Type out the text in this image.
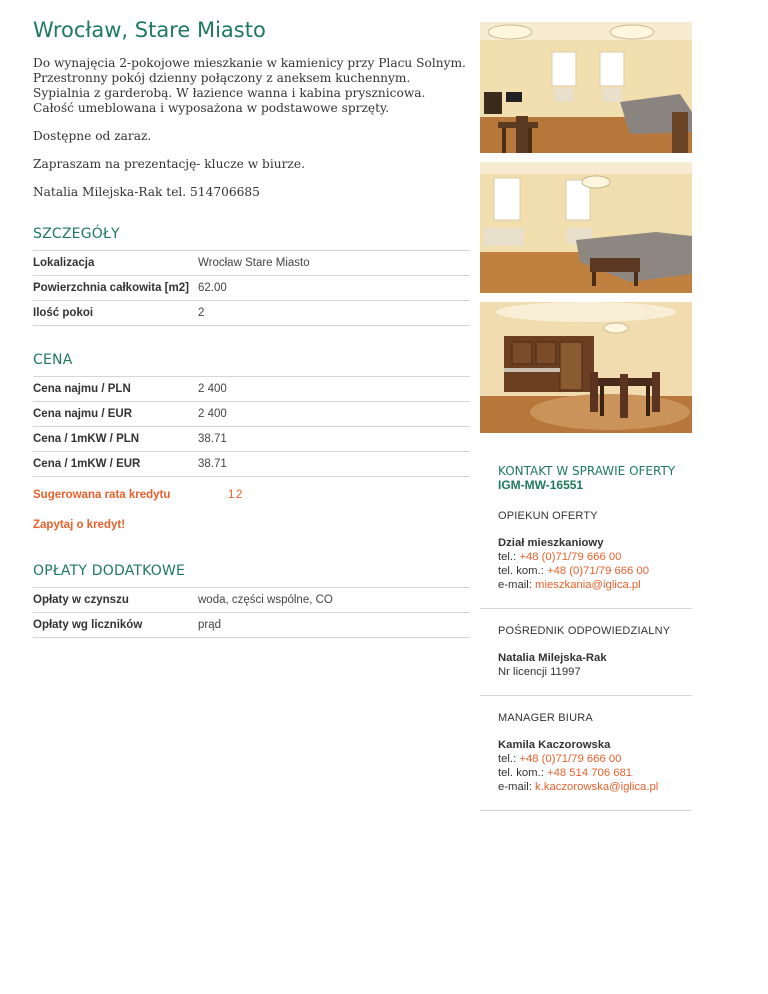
Wrocław, Stare Miasto

Do wynajęcia 2-pokojowe mieszkanie w kamienicy przy Placu Solnym.

Przestronny pokój dzienny połączony z aneksem kuchennym.

Sypialnia z garderobą. W łazience wanna i kabina prysznicowa.

Całość umeblowana i wyposażona w podstawowe sprzęty.

Dostępne od zaraz.

Zapraszam na prezentację- klucze w biurze.

Natalia Milejska-Rak tel. 514706685

SZCZEGÓŁY
Lokalizacja	Wrocław Stare Miasto
Powierzchnia całkowita [m2]	62.00
Ilość pokoi	2
CENA
Cena najmu / PLN	2 400
Cena najmu / EUR	2 400
Cena / 1mKW / PLN	38.71
Cena / 1mKW / EUR	38.71
Sugerowana rata kredytu	12
Zapytaj o kredyt!
OPŁATY DODATKOWE
Opłaty w czynszu	woda, części wspólne, CO
Opłaty wg liczników	prąd
KONTAKT W SPRAWIE OFERTY
IGM-MW-16551
OPIEKUN OFERTY
Dział mieszkaniowy
tel.: +48 (0)71/79 666 00
tel. kom.: +48 (0)71/79 666 00
e-mail: mieszkania@iglica.pl
POŚREDNIK ODPOWIEDZIALNY
Natalia Milejska-Rak
Nr licencji 11997
MANAGER BIURA
Kamila Kaczorowska
tel.: +48 (0)71/79 666 00
tel. kom.: +48 514 706 681
e-mail: k.kaczorowska@iglica.pl
